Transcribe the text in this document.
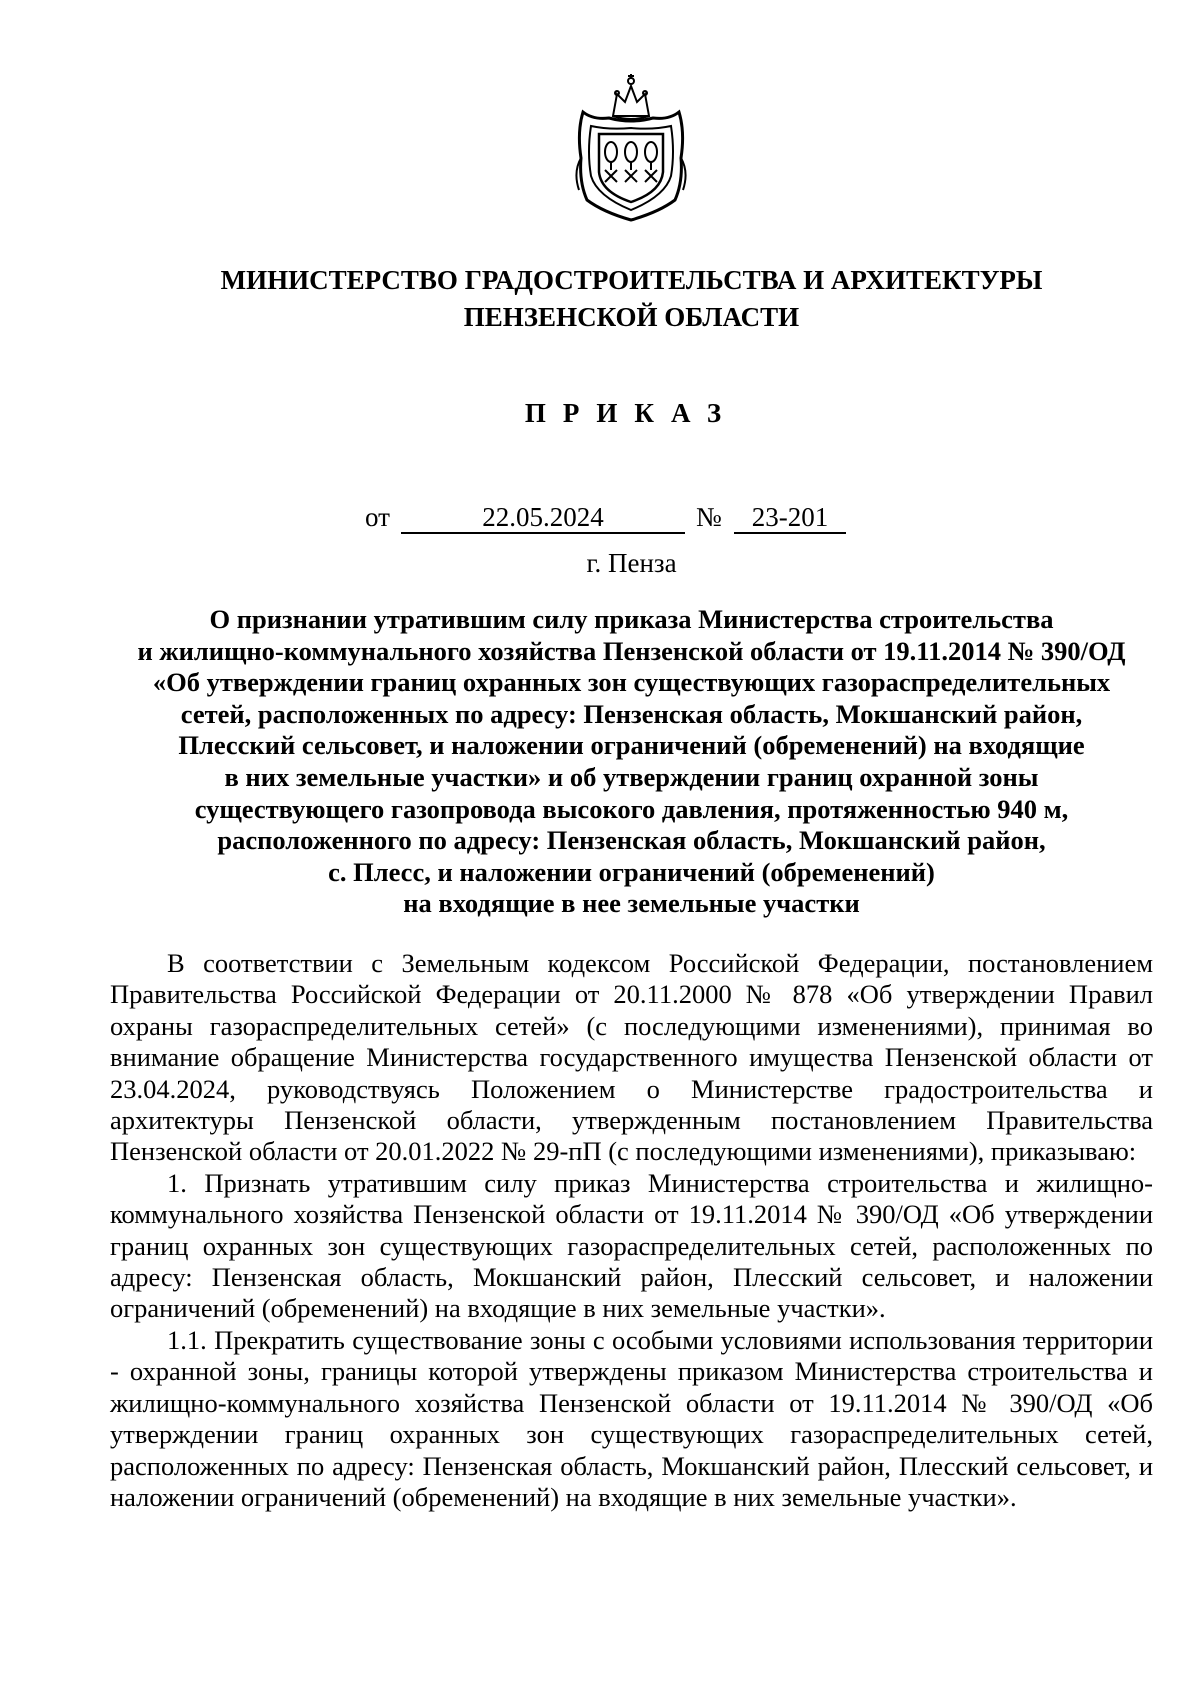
МИНИСТЕРСТВО ГРАДОСТРОИТЕЛЬСТВА И АРХИТЕКТУРЫ
ПЕНЗЕНСКОЙ ОБЛАСТИ
ПРИКАЗ
от	22.05.2024	№	23-201
г. Пенза
О признании утратившим силу приказа Министерства строительства
и жилищно-коммунального хозяйства Пензенской области от 19.11.2014 № 390/ОД
«Об утверждении границ охранных зон существующих газораспределительных
сетей, расположенных по адресу: Пензенская область, Мокшанский район,
Плесский сельсовет, и наложении ограничений (обременений) на входящие
в них земельные участки» и об утверждении границ охранной зоны
существующего газопровода высокого давления, протяженностью 940 м,
расположенного по адресу: Пензенская область, Мокшанский район,
с. Плесс, и наложении ограничений (обременений)
на входящие в нее земельные участки

В соответствии с Земельным кодексом Российской Федерации, постановлением Правительства Российской Федерации от 20.11.2000 № 878 «Об утверждении Правил охраны газораспределительных сетей» (с последующими изменениями), принимая во внимание обращение Министерства государственного имущества Пензенской области от 23.04.2024, руководствуясь Положением о Министерстве градостроительства и архитектуры Пензенской области, утвержденным постановлением Правительства Пензенской области от 20.01.2022 № 29-пП (с последующими изменениями), приказываю:

1. Признать утратившим силу приказ Министерства строительства и жилищно-коммунального хозяйства Пензенской области от 19.11.2014 № 390/ОД «Об утверждении границ охранных зон существующих газораспределительных сетей, расположенных по адресу: Пензенская область, Мокшанский район, Плесский сельсовет, и наложении ограничений (обременений) на входящие в них земельные участки».

1.1. Прекратить существование зоны с особыми условиями использования территории - охранной зоны, границы которой утверждены приказом Министерства строительства и жилищно-коммунального хозяйства Пензенской области от 19.11.2014 № 390/ОД «Об утверждении границ охранных зон существующих газораспределительных сетей, расположенных по адресу: Пензенская область, Мокшанский район, Плесский сельсовет, и наложении ограничений (обременений) на входящие в них земельные участки».
